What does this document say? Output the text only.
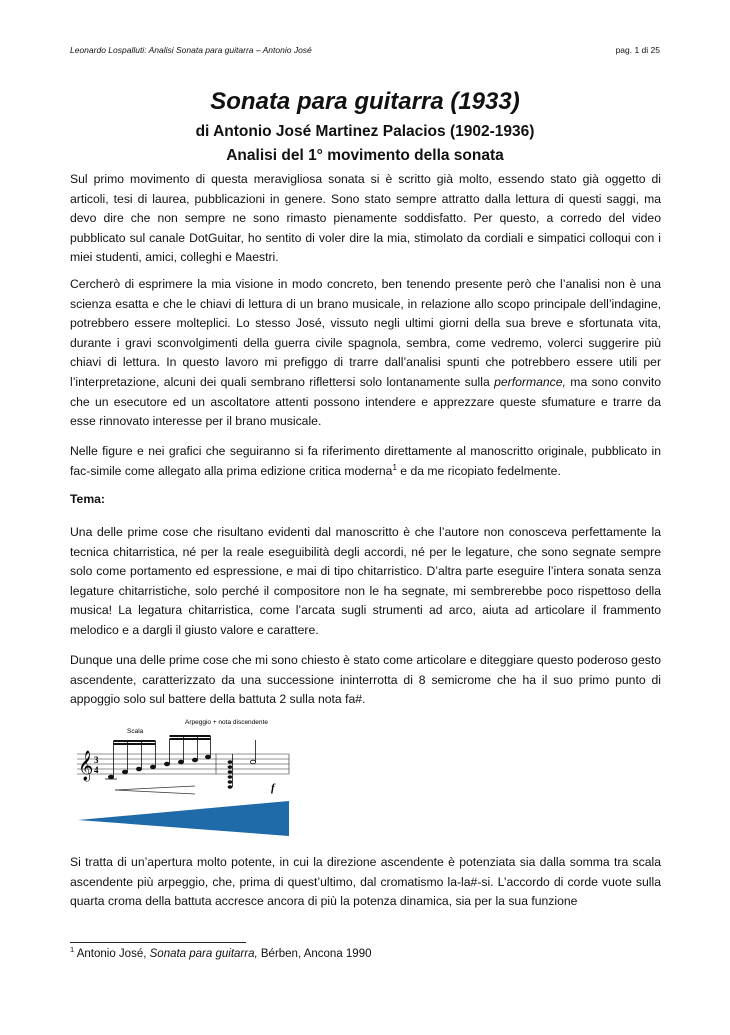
Leonardo Lospalluti: Analisi Sonata para guitarra – Antonio José	pag. 1 di 25
Sonata para guitarra (1933)
di Antonio José Martinez Palacios (1902-1936)
Analisi del 1° movimento della sonata

Sul primo movimento di questa meravigliosa sonata si è scritto già molto, essendo stato già oggetto di articoli, tesi di laurea, pubblicazioni in genere. Sono stato sempre attratto dalla lettura di questi saggi, ma devo dire che non sempre ne sono rimasto pienamente soddisfatto. Per questo, a corredo del video pubblicato sul canale DotGuitar, ho sentito di voler dire la mia, stimolato da cordiali e simpatici colloqui con i miei studenti, amici, colleghi e Maestri.

Cercherò di esprimere la mia visione in modo concreto, ben tenendo presente però che l’analisi non è una scienza esatta e che le chiavi di lettura di un brano musicale, in relazione allo scopo principale dell’indagine, potrebbero essere molteplici. Lo stesso José, vissuto negli ultimi giorni della sua breve e sfortunata vita, durante i gravi sconvolgimenti della guerra civile spagnola, sembra, come vedremo, volerci suggerire più chiavi di lettura. In questo lavoro mi prefiggo di trarre dall’analisi spunti che potrebbero essere utili per l’interpretazione, alcuni dei quali sembrano riflettersi solo lontanamente sulla performance, ma sono convito che un esecutore ed un ascoltatore attenti possono intendere e apprezzare queste sfumature e trarre da esse rinnovato interesse per il brano musicale.

Nelle figure e nei grafici che seguiranno si fa riferimento direttamente al manoscritto originale, pubblicato in fac-simile come allegato alla prima edizione critica moderna$^1$ e da me ricopiato fedelmente.

Tema:

Una delle prime cose che risultano evidenti dal manoscritto è che l’autore non conosceva perfettamente la tecnica chitarristica, né per la reale eseguibilità degli accordi, né per le legature, che sono segnate sempre solo come portamento ed espressione, e mai di tipo chitarristico. D’altra parte eseguire l’intera sonata senza legature chitarristiche, solo perché il compositore non le ha segnate, mi sembrerebbe poco rispettoso della musica! La legatura chitarristica, come l’arcata sugli strumenti ad arco, aiuta ad articolare il frammento melodico e a dargli il giusto valore e carattere.

Dunque una delle prime cose che mi sono chiesto è stato come articolare e diteggiare questo poderoso gesto ascendente, caratterizzato da una successione ininterrotta di 8 semicrome che ha il suo primo punto di appoggio solo sul battere della battuta 2 sulla nota fa#.

Scala
Arpeggio + nota discendente
𝄞 3
4
f

Si tratta di un’apertura molto potente, in cui la direzione ascendente è potenziata sia dalla somma tra scala ascendente più arpeggio, che, prima di quest’ultimo, dal cromatismo la-la#-si. L’accordo di corde vuote sulla quarta croma della battuta accresce ancora di più la potenza dinamica, sia per la sua funzione

$^1$ Antonio José, Sonata para guitarra, Bérben, Ancona 1990
